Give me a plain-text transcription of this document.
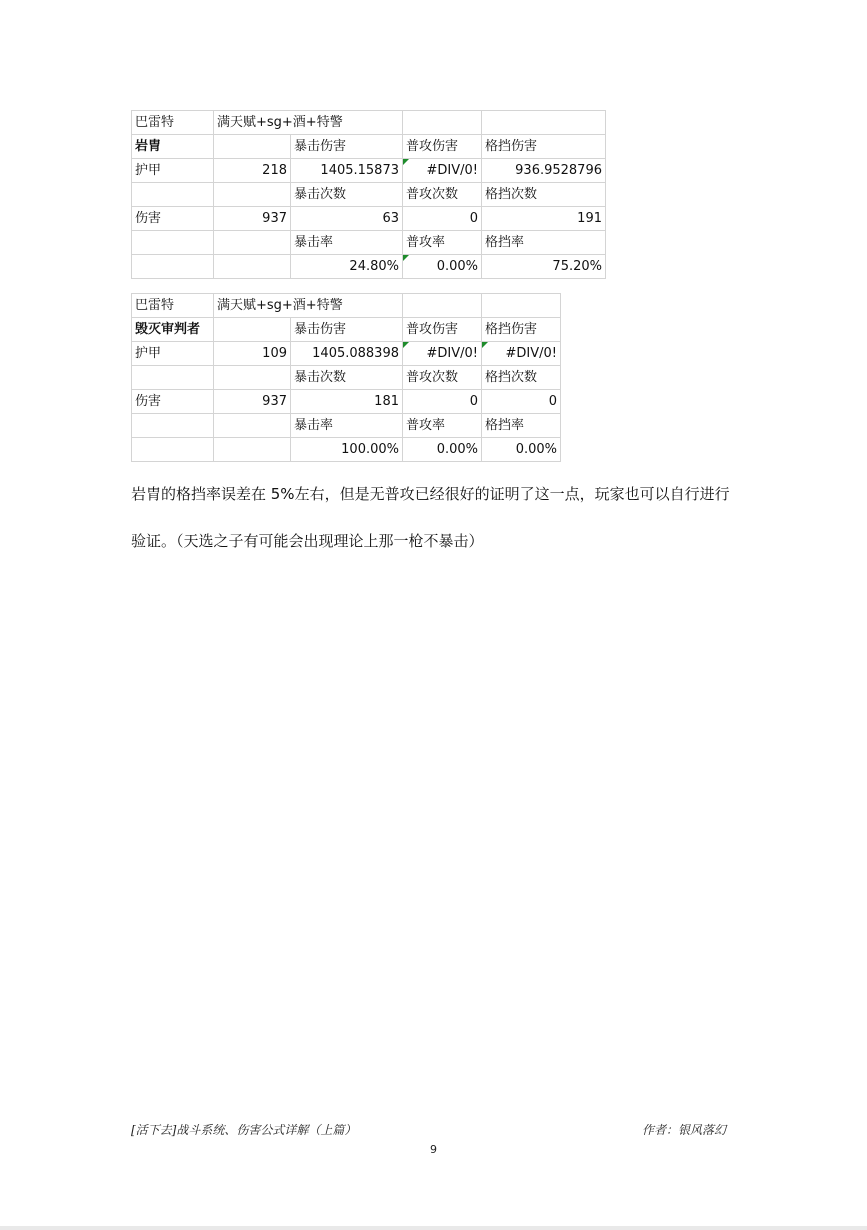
巴雷特	满天赋+sg+酒+特警			
岩胄		暴击伤害	普攻伤害	格挡伤害
护甲	218	1405.15873	#DIV/0!	936.9528796
		暴击次数	普攻次数	格挡次数
伤害	937	63	0	191
		暴击率	普攻率	格挡率
		24.80%	0.00%	75.20%
巴雷特	满天赋+sg+酒+特警			
毁灭审判者		暴击伤害	普攻伤害	格挡伤害
护甲	109	1405.088398	#DIV/0!	#DIV/0!
		暴击次数	普攻次数	格挡次数
伤害	937	181	0	0
		暴击率	普攻率	格挡率
		100.00%	0.00%	0.00%
岩胄的格挡率误差在 5%左右，但是无普攻已经很好的证明了这一点，玩家也可以自行进行
验证。（天选之子有可能会出现理论上那一枪不暴击）
[活下去]战斗系统、伤害公式详解（上篇）	作者：银风落幻
9
